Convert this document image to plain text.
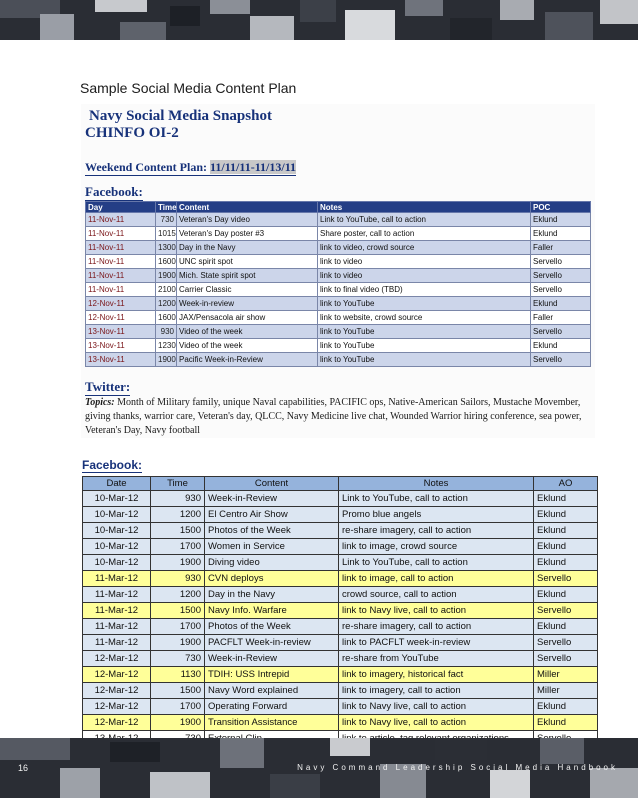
Sample Social Media Content Plan
Navy Social Media Snapshot
CHINFO OI-2
Weekend Content Plan: 11/11/11-11/13/11
Facebook:
Day	Time	Content	Notes	POC
11-Nov-11	730	Veteran's Day video	Link to YouTube, call to action	Eklund
11-Nov-11	1015	Veteran's Day poster #3	Share poster, call to action	Eklund
11-Nov-11	1300	Day in the Navy	link to video, crowd source	Faller
11-Nov-11	1600	UNC spirit spot	link to video	Servello
11-Nov-11	1900	Mich. State spirit spot	link to video	Servello
11-Nov-11	2100	Carrier Classic	link to final video (TBD)	Servello
12-Nov-11	1200	Week-in-review	link to YouTube	Eklund
12-Nov-11	1600	JAX/Pensacola air show	link to website, crowd source	Faller
13-Nov-11	930	Video of the week	link to YouTube	Servello
13-Nov-11	1230	Video of the week	link to YouTube	Eklund
13-Nov-11	1900	Pacific Week-in-Review	link to YouTube	Servello
Twitter:
Topics: Month of Military family, unique Naval capabilities, PACIFIC ops, Native-American Sailors, Mustache Movember, giving thanks, warrior care, Veteran's day, QLCC, Navy Medicine live chat, Wounded Warrior hiring conference, sea power, Veteran's Day, Navy football
Facebook:
Date	Time	Content	Notes	AO
10-Mar-12	930	Week-in-Review	Link to YouTube, call to action	Eklund
10-Mar-12	1200	El Centro Air Show	Promo blue angels	Eklund
10-Mar-12	1500	Photos of the Week	re-share imagery, call to action	Eklund
10-Mar-12	1700	Women in Service	link to image, crowd source	Eklund
10-Mar-12	1900	Diving video	Link to YouTube, call to action	Eklund
11-Mar-12	930	CVN deploys	link to image, call to action	Servello
11-Mar-12	1200	Day in the Navy	crowd source, call to action	Eklund
11-Mar-12	1500	Navy Info. Warfare	link to Navy live, call to action	Servello
11-Mar-12	1700	Photos of the Week	re-share imagery, call to action	Eklund
11-Mar-12	1900	PACFLT Week-in-review	link to PACFLT week-in-review	Servello
12-Mar-12	730	Week-in-Review	re-share from YouTube	Servello
12-Mar-12	1130	TDIH: USS Intrepid	link to imagery, historical fact	Miller
12-Mar-12	1500	Navy Word explained	link to imagery, call to action	Miller
12-Mar-12	1700	Operating Forward	link to Navy live, call to action	Eklund
12-Mar-12	1900	Transition Assistance	link to Navy live, call to action	Eklund

16	Navy Command Leadership Social Media Handbook
